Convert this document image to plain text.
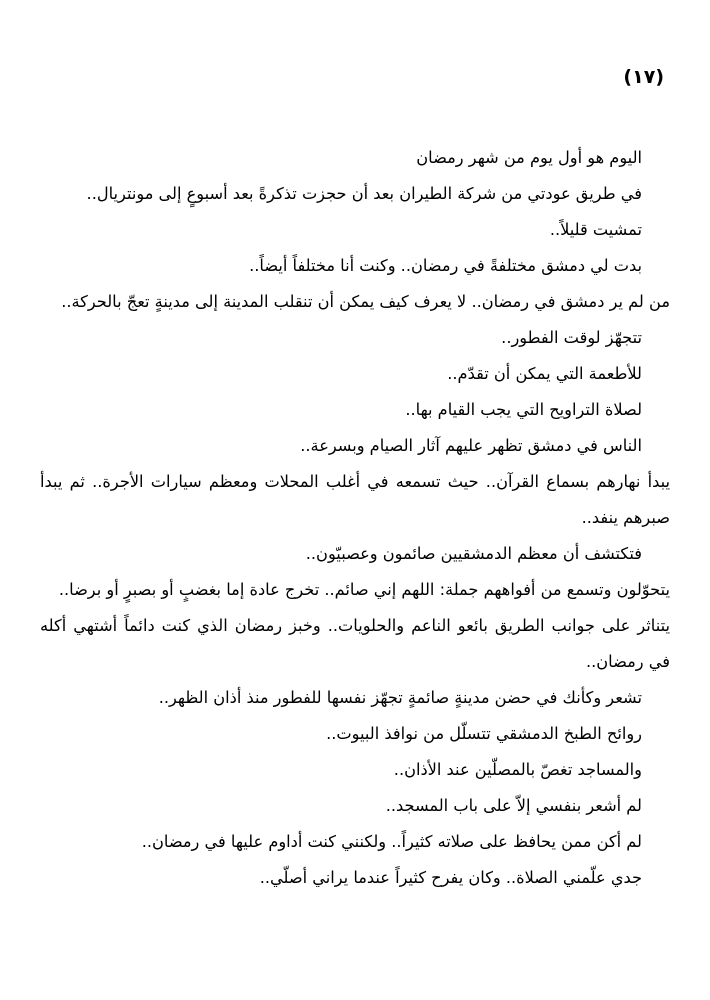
(١٧)

اليوم هو أول يوم من شهر رمضان

في طريق عودتي من شركة الطيران بعد أن حجزت تذكرةً بعد أسبوعٍ إلى مونتريال..

تمشيت قليلاً..

بدت لي دمشق مختلفةً في رمضان.. وكنت أنا مختلفاً أيضاً..

من لم ير دمشق في رمضان.. لا يعرف كيف يمكن أن تنقلب المدينة إلى مدينةٍ تعجّ بالحركة..

تتجهّز لوقت الفطور..

للأطعمة التي يمكن أن تقدّم..

لصلاة التراويح التي يجب القيام بها..

الناس في دمشق تظهر عليهم آثار الصيام وبسرعة..

يبدأ نهارهم بسماع القرآن.. حيث تسمعه في أغلب المحلات ومعظم سيارات الأجرة.. ثم يبدأ صبرهم ينفد..

فتكتشف أن معظم الدمشقيين صائمون وعصبيّون..

يتحوّلون وتسمع من أفواههم جملة: اللهم إني صائم.. تخرج عادة إما بغضبٍ أو بصبرٍ أو برضا..

يتناثر على جوانب الطريق بائعو الناعم والحلويات.. وخبز رمضان الذي كنت دائماً أشتهي أكله في رمضان..

تشعر وكأنك في حضن مدينةٍ صائمةٍ تجهّز نفسها للفطور منذ أذان الظهر..

روائح الطبخ الدمشقي تتسلّل من نوافذ البيوت..

والمساجد تغصّ بالمصلّين عند الأذان..

لم أشعر بنفسي إلاّ على باب المسجد..

لم أكن ممن يحافظ على صلاته كثيراً.. ولكنني كنت أداوم عليها في رمضان..

جدي علّمني الصلاة.. وكان يفرح كثيراً عندما يراني أصلّي..
